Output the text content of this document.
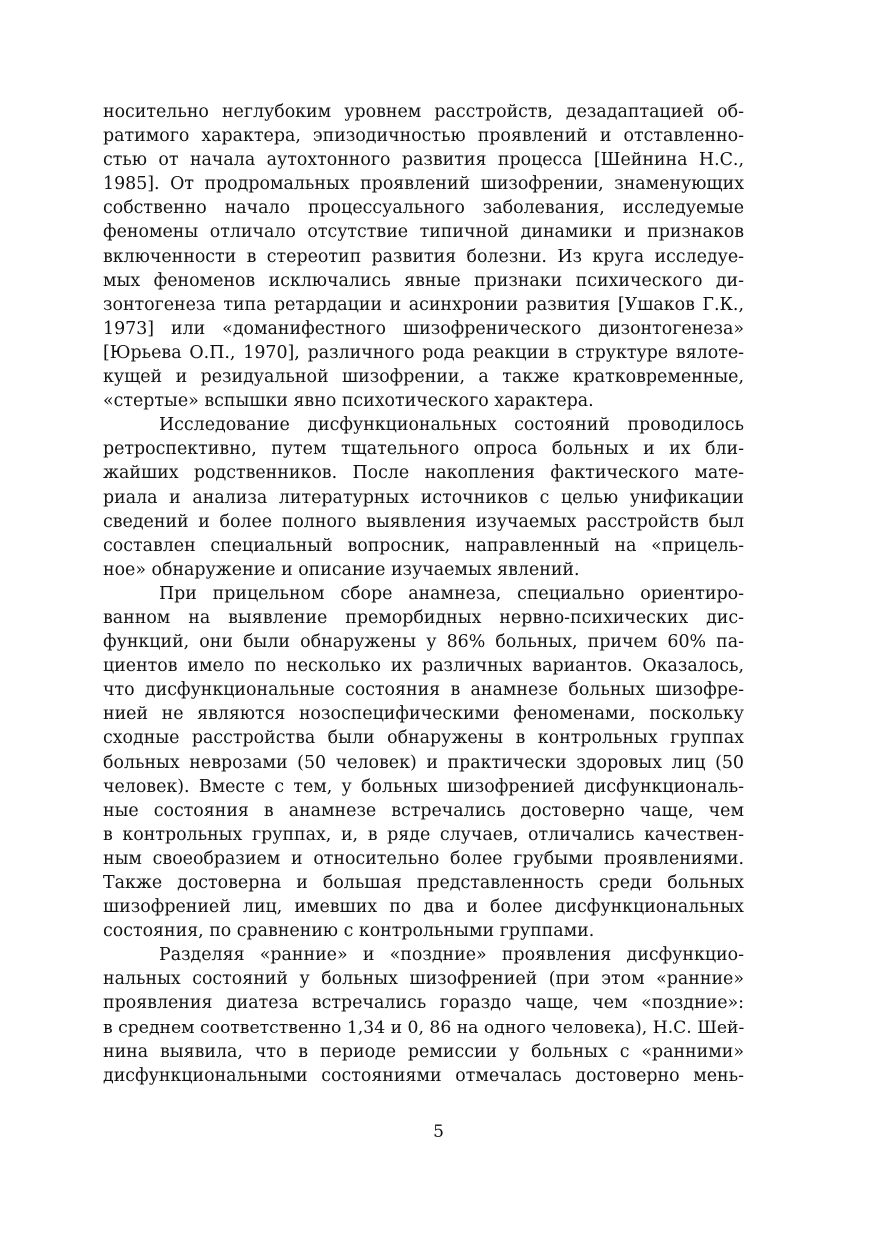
носительно неглубоким уровнем расстройств, дезадаптацией об-
ратимого характера, эпизодичностью проявлений и отставленно-
стью от начала аутохтонного развития процесса [Шейнина Н.С.,
1985]. От продромальных проявлений шизофрении, знаменующих
собственно начало процессуального заболевания, исследуемые
феномены отличало отсутствие типичной динамики и признаков
включенности в стереотип развития болезни. Из круга исследуе-
мых феноменов исключались явные признаки психического ди-
зонтогенеза типа ретардации и асинхронии развития [Ушаков Г.К.,
1973] или «доманифестного шизофренического дизонтогенеза»
[Юрьева О.П., 1970], различного рода реакции в структуре вялоте-
кущей и резидуальной шизофрении, а также кратковременные,
«стертые» вспышки явно психотического характера.
Исследование дисфункциональных состояний проводилось
ретроспективно, путем тщательного опроса больных и их бли-
жайших родственников. После накопления фактического мате-
риала и анализа литературных источников с целью унификации
сведений и более полного выявления изучаемых расстройств был
составлен специальный вопросник, направленный на «прицель-
ное» обнаружение и описание изучаемых явлений.
При прицельном сборе анамнеза, специально ориентиро-
ванном на выявление преморбидных нервно-психических дис-
функций, они были обнаружены у 86% больных, причем 60% па-
циентов имело по несколько их различных вариантов. Оказалось,
что дисфункциональные состояния в анамнезе больных шизофре-
нией не являются нозоспецифическими феноменами, поскольку
сходные расстройства были обнаружены в контрольных группах
больных неврозами (50 человек) и практически здоровых лиц (50
человек). Вместе с тем, у больных шизофренией дисфункциональ-
ные состояния в анамнезе встречались достоверно чаще, чем
в контрольных группах, и, в ряде случаев, отличались качествен-
ным своеобразием и относительно более грубыми проявлениями.
Также достоверна и большая представленность среди больных
шизофренией лиц, имевших по два и более дисфункциональных
состояния, по сравнению с контрольными группами.
Разделяя «ранние» и «поздние» проявления дисфункцио-
нальных состояний у больных шизофренией (при этом «ранние»
проявления диатеза встречались гораздо чаще, чем «поздние»:
в среднем соответственно 1,34 и 0, 86 на одного человека), Н.С. Шей-
нина выявила, что в периоде ремиссии у больных с «ранними»
дисфункциональными состояниями отмечалась достоверно мень-
5
